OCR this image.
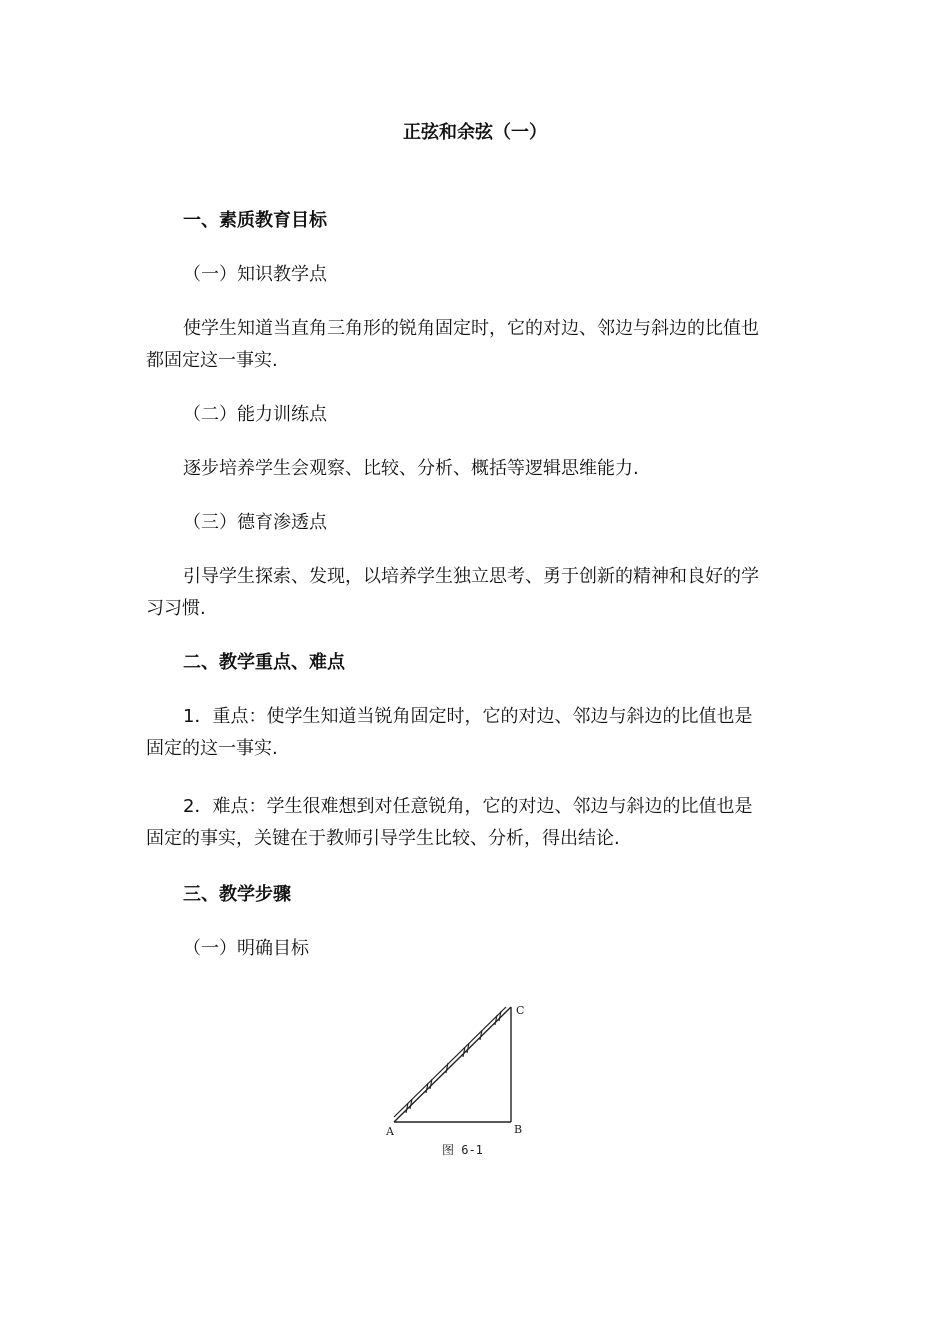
正弦和余弦（一）
一、素质教育目标
（一）知识教学点
使学生知道当直角三角形的锐角固定时，它的对边、邻边与斜边的比值也
都固定这一事实.
（二）能力训练点
逐步培养学生会观察、比较、分析、概括等逻辑思维能力.
（三）德育渗透点
引导学生探索、发现，以培养学生独立思考、勇于创新的精神和良好的学
习习惯.
二、教学重点、难点
1．重点：使学生知道当锐角固定时，它的对边、邻边与斜边的比值也是
固定的这一事实.
2．难点：学生很难想到对任意锐角，它的对边、邻边与斜边的比值也是
固定的事实，关键在于教师引导学生比较、分析，得出结论.
三、教学步骤
（一）明确目标
A	B
C
图 6-1
